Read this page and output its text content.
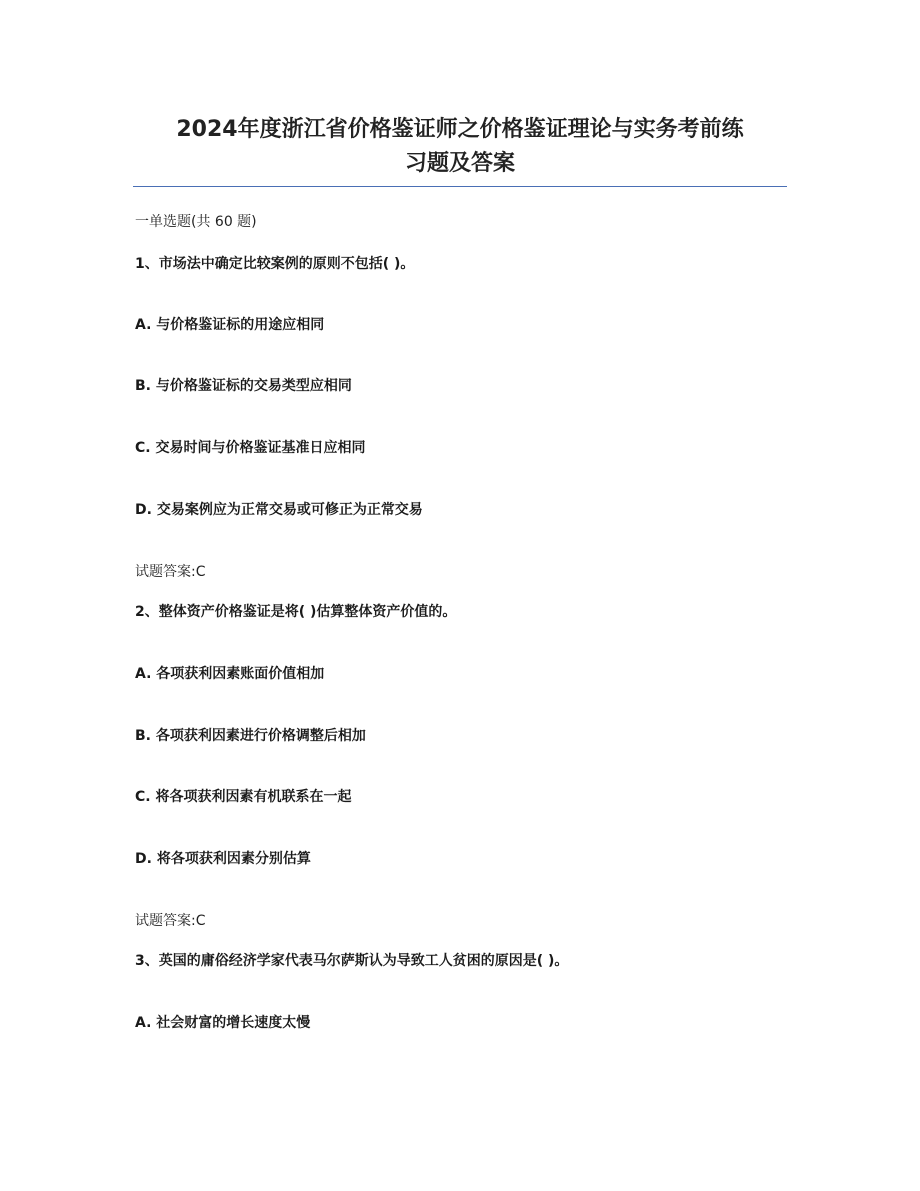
2024年度浙江省价格鉴证师之价格鉴证理论与实务考前练
习题及答案
一单选题(共 60 题)
1、市场法中确定比较案例的原则不包括( )。
A. 与价格鉴证标的用途应相同
B. 与价格鉴证标的交易类型应相同
C. 交易时间与价格鉴证基准日应相同
D. 交易案例应为正常交易或可修正为正常交易
试题答案:C
2、整体资产价格鉴证是将( )估算整体资产价值的。
A. 各项获利因素账面价值相加
B. 各项获利因素进行价格调整后相加
C. 将各项获利因素有机联系在一起
D. 将各项获利因素分别估算
试题答案:C
3、英国的庸俗经济学家代表马尔萨斯认为导致工人贫困的原因是( )。
A. 社会财富的增长速度太慢
